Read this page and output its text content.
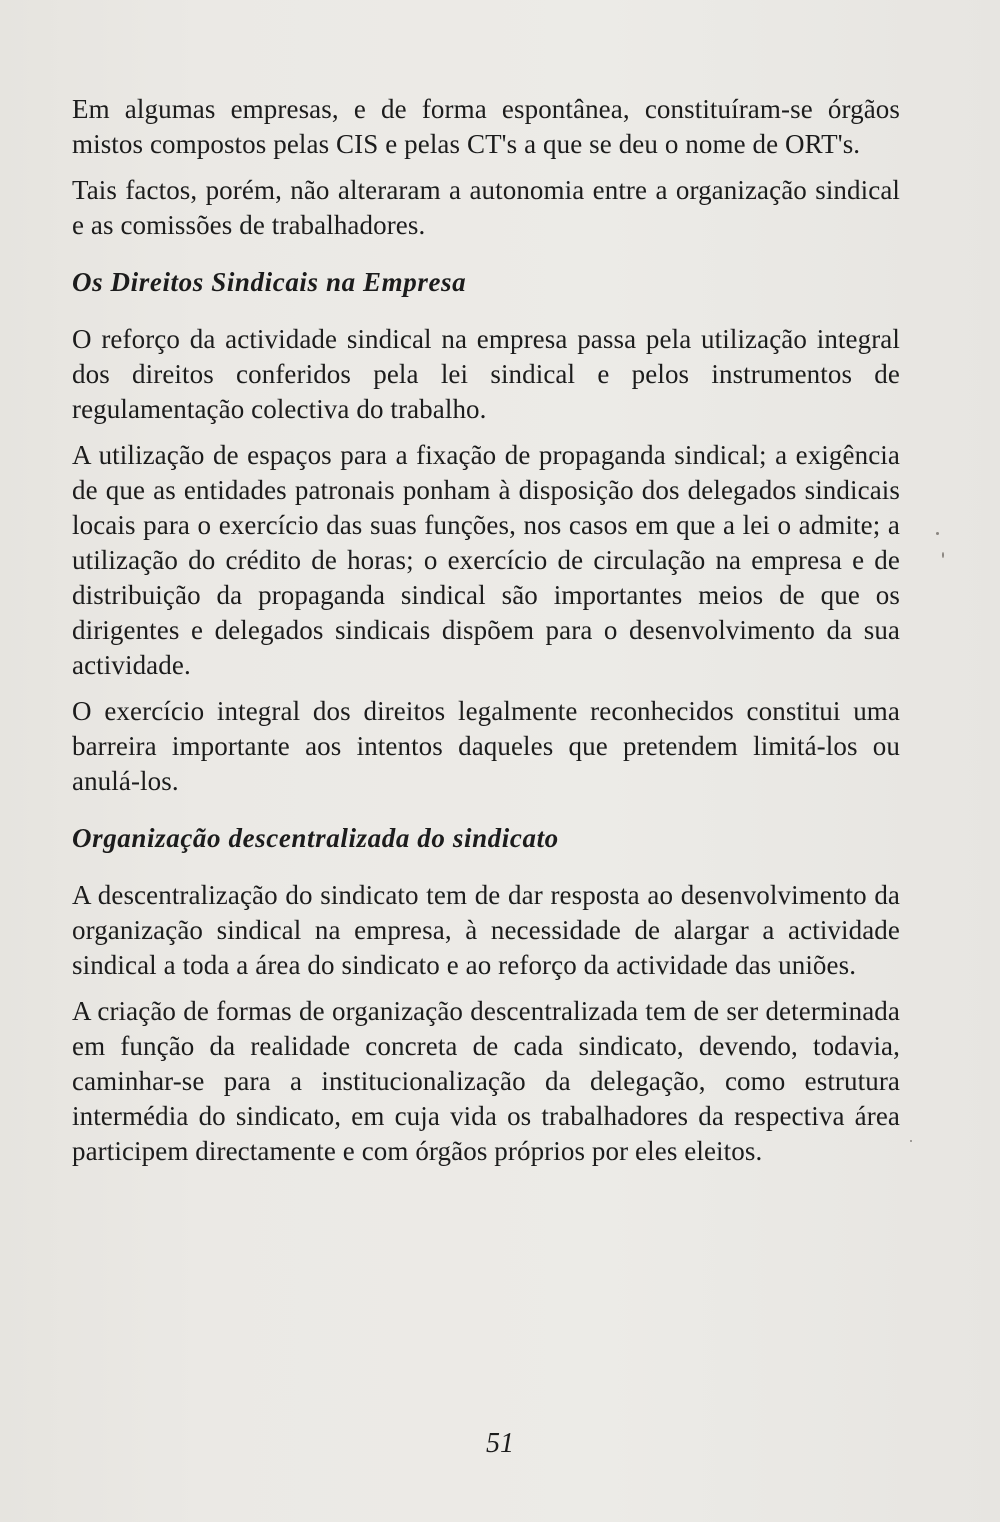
Em algumas empresas, e de forma espontânea, constituíram-se órgãos mistos compostos pelas CIS e pelas CT's a que se deu o nome de ORT's.

Tais factos, porém, não alteraram a autonomia entre a organização sindical e as comissões de trabalhadores.

Os Direitos Sindicais na Empresa

O reforço da actividade sindical na empresa passa pela utilização integral dos direitos conferidos pela lei sindical e pelos instrumentos de regulamentação colectiva do trabalho.

A utilização de espaços para a fixação de propaganda sindical; a exigência de que as entidades patronais ponham à disposição dos delegados sindicais locais para o exercício das suas funções, nos casos em que a lei o admite; a utilização do crédito de horas; o exercício de circulação na empresa e de distribuição da propaganda sindical são importantes meios de que os dirigentes e delegados sindicais dispõem para o desenvolvimento da sua actividade.

O exercício integral dos direitos legalmente reconhecidos constitui uma barreira importante aos intentos daqueles que pretendem limitá-los ou anulá-los.

Organização descentralizada do sindicato

A descentralização do sindicato tem de dar resposta ao desenvolvimento da organização sindical na empresa, à necessidade de alargar a actividade sindical a toda a área do sindicato e ao reforço da actividade das uniões.

A criação de formas de organização descentralizada tem de ser determinada em função da realidade concreta de cada sindicato, devendo, todavia, caminhar-se para a institucionalização da delegação, como estrutura intermédia do sindicato, em cuja vida os trabalhadores da respectiva área participem directamente e com órgãos próprios por eles eleitos.

51
